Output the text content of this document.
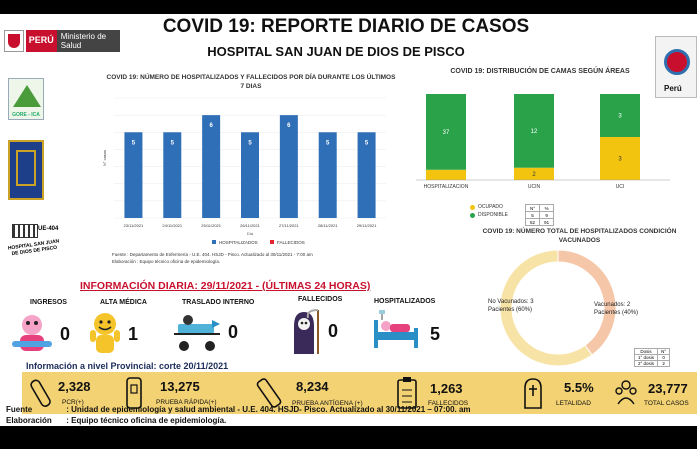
PERÚ Ministerio de Salud
COVID 19: REPORTE DIARIO DE CASOS
HOSPITAL SAN JUAN DE DIOS DE PISCO
Perú
GORE - ICA
UE-404
HOSPITAL SAN JUAN DE DIOS DE PISCO
COVID 19: NÚMERO DE HOSPITALIZADOS Y FALLECIDOS POR DÍA DURANTE LOS ÚLTIMOS 7 DIAS
N° casos
5
23/11/2021
5
24/11/2021
6
25/11/2021
5
26/11/2021
6
27/11/2021
5
28/11/2021
5
29/11/2021
Día
HOSPITALIZADOS	FALLECIDOS
Fuente : Departamento de Enfermería - U.E. 404. HSJD - Pisco. Actualizado al 30/11/2021 - 7:00 am
Elaboración : Equipo técnico oficina de epidemiología.
COVID 19: DISTRIBUCIÓN DE CAMAS SEGÚN ÁREAS
37
HOSPITALIZACION
2
12
UCIN
3
3
UCI
OCUPADO
DISPONIBLE
N°	%
5	9
52	91
COVID 19: NÚMERO TOTAL DE HOSPITALIZADOS CONDICIÓN VACUNADOS
No Vacunados: 3 Pacientes (60%)
Vacunados: 2 Pacientes (40%)
Dosis	N°
1° dosis	0
2° dosis	2
INFORMACIÓN DIARIA: 29/11/2021 - (ÚLTIMAS 24 HORAS)
INGRESOS
0
ALTA MÉDICA
1
TRASLADO INTERNO
0
FALLECIDOS
0
HOSPITALIZADOS
5
Información a nivel Provincial: corte 20/11/2021
2,328
PCR(+)
13,275
PRUEBA RÁPIDA(+)
8,234
PRUEBA ANTÍGENA (+)
1,263
FALLECIDOS
5.5%
LETALIDAD
23,777
TOTAL CASOS
Fuente	: Unidad de epidemiología y salud ambiental - U.E. 404. HSJD- Pisco. Actualizado al 30/11/2021 – 07:00. am
Elaboración : Equipo técnico oficina de epidemiología.
